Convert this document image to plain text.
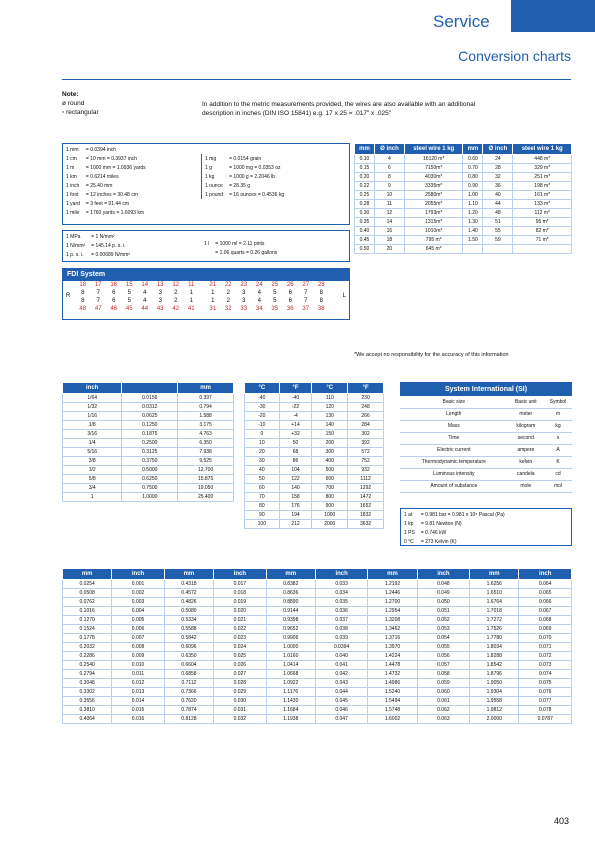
Service
Conversion charts
Note:
ø round
▫ rectangular
In addition to the metric measurements provided, the wires are also available with an additional
description in inches (DIN ISO 15841) e.g. 17 x 25 = .017" x .025"
1 mm	= 0.0394 inch
1 cm	= 10 mm = 0.3937 inch
1 m	= 1000 mm = 1.0936 yards
1 km	= 0.6214 miles
1 inch	= 25.40 mm
1 foot	= 12 inches = 30.48 cm
1 yard	= 3 feet = 91.44 cm
1 mile	= 1760 yards = 1.6093 km
1 mg	= 0.0154 grain
1 g	= 1000 mg = 0.0353 oz
1 kg	= 1000 g = 2.2046 lb
1 ounce	= 28.35 g
1 pound	= 16 ounces = 0.4536 kg
1 MPa	= 1 N/mm²
1 N/mm²	= 145.14 p. s. i.
1 p. s. i.	= 0.00689 N/mm²
1 l	= 1000 ml = 2.11 pints
	= 1.06 quarts = 0.26 gallons
FDI System
18	17	16	15	14	13	12	11	21	22	23	24	25	26	27	28
8	7	6	5	4	3	2	1	1	2	3	4	5	6	7	8
8	7	6	5	4	3	2	1	1	2	3	4	5	6	7	8
48	47	46	45	44	43	42	41	31	32	33	34	35	36	37	38
R	L
mm	Ø inch	steel wire 1 kg	mm	Ø inch	steel wire 1 kg
0.10	4	16120 m*	0.60	24	448 m*
0.15	6	7150m*	0.70	28	329 m*
0.20	8	4030m*	0.80	32	251 m*
0.22	9	3335m*	0.90	36	198 m*
0.25	10	2580m*	1.00	40	161 m*
0.28	11	2055m*	1.10	44	133 m*
0.30	12	1793m*	1.20	48	112 m*
0.35	14	1315m*	1.30	51	95 m*
0.40	16	1010m*	1.40	55	82 m*
0.45	18	795 m*	1.50	59	71 m*
0.50	20	645 m*			
*We accept no responsibility for the accuracy of this information
inch		mm
1/64	0.0156	0.397
1/32	0.0312	0.794
1/16	0.0625	1.588
1/8	0.1250	3.175
3/16	0.1875	4.763
1/4	0.2500	6.350
5/16	0.3125	7.938
3/8	0.3750	9.525
1/2	0.5000	12.700
5/8	0.6250	15.875
3/4	0.7500	19.050
1	1.0000	25.400
°C	°F	°C	°F
-40	-40	110	230
-30	-22	120	248
-20	-4	130	266
-10	+14	140	284
0	+32	150	302
10	50	200	392
20	68	300	572
30	86	400	752
40	104	500	932
50	122	600	1112
60	140	700	1292
70	158	800	1472
80	176	900	1652
90	194	1000	1832
100	212	2000	3632
System International (SI)		
Basic size	Basic unit	Symbol
Length	meter	m
Mass	kilogram	kg
Time	second	s
Electric current	ampere	A
Thermodynamic temperature	kelvin	K
Luminous intensity	candela	cd
Amount of substance	mole	mol
1 at	= 0.981 bar = 0.981 x 10⁵ Pascal (Pa)
1 kp	= 9.81 Newton (N)
1 PS	= 0.746 kW
0 °C	= 273 Kelvin (K)
mm	inch	mm	inch	mm	inch	mm	inch	mm	inch
0.0254	0.001	0.4318	0.017	0.8382	0.033	1.2192	0.048	1.6256	0.064
0.0508	0.002	0.4572	0.018	0.8636	0.034	1.2446	0.049	1.6510	0.065
0.0762	0.003	0.4826	0.019	0.8890	0.035	1.2700	0.050	1.6764	0.066
0.1016	0.004	0.5080	0.020	0.9144	0.036	1.2954	0.051	1.7018	0.067
0.1270	0.005	0.5334	0.021	0.9398	0.037	1.3208	0.052	1.7272	0.068
0.1524	0.006	0.5588	0.022	0.9652	0.038	1.3462	0.053	1.7526	0.069
0.1778	0.007	0.5842	0.023	0.9906	0.039	1.3716	0.054	1.7780	0.070
0.2032	0.008	0.6096	0.024	1.0000	0.0394	1.3970	0.055	1.8034	0.071
0.2286	0.009	0.6350	0.025	1.0160	0.040	1.4224	0.056	1.8288	0.072
0.2540	0.010	0.6604	0.026	1.0414	0.041	1.4478	0.057	1.8542	0.073
0.2794	0.011	0.6858	0.027	1.0668	0.042	1.4732	0.058	1.8796	0.074
0.3048	0.012	0.7112	0.028	1.0922	0.043	1.4986	0.059	1.9050	0.075
0.3302	0.013	0.7366	0.029	1.1176	0.044	1.5240	0.060	1.9304	0.076
0.3556	0.014	0.7620	0.030	1.1430	0.045	1.5494	0.061	1.9558	0.077
0.3810	0.015	0.7874	0.031	1.1684	0.046	1.5748	0.062	1.9812	0.078
0.4064	0.016	0.8128	0.032	1.1938	0.047	1.6002	0.063	2.0000	0.0787
403
